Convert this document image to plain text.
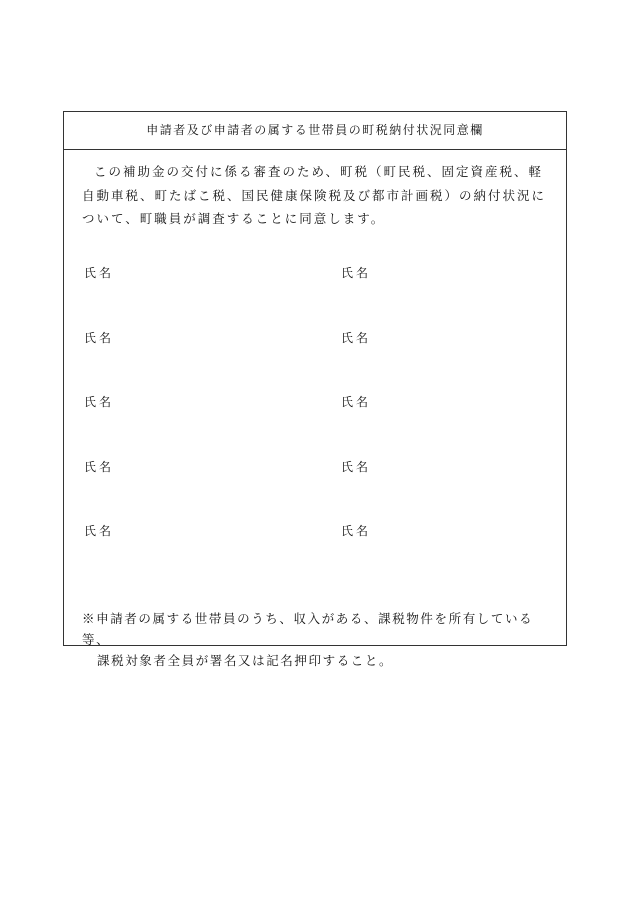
申請者及び申請者の属する世帯員の町税納付状況同意欄

この補助金の交付に係る審査のため、町税（町民税、固定資産税、軽自動車税、町たばこ税、国民健康保険税及び都市計画税）の納付状況について、町職員が調査することに同意します。

氏名	氏名
氏名	氏名
氏名	氏名
氏名	氏名
氏名	氏名
※申請者の属する世帯員のうち、収入がある、課税物件を所有している等、
課税対象者全員が署名又は記名押印すること。
